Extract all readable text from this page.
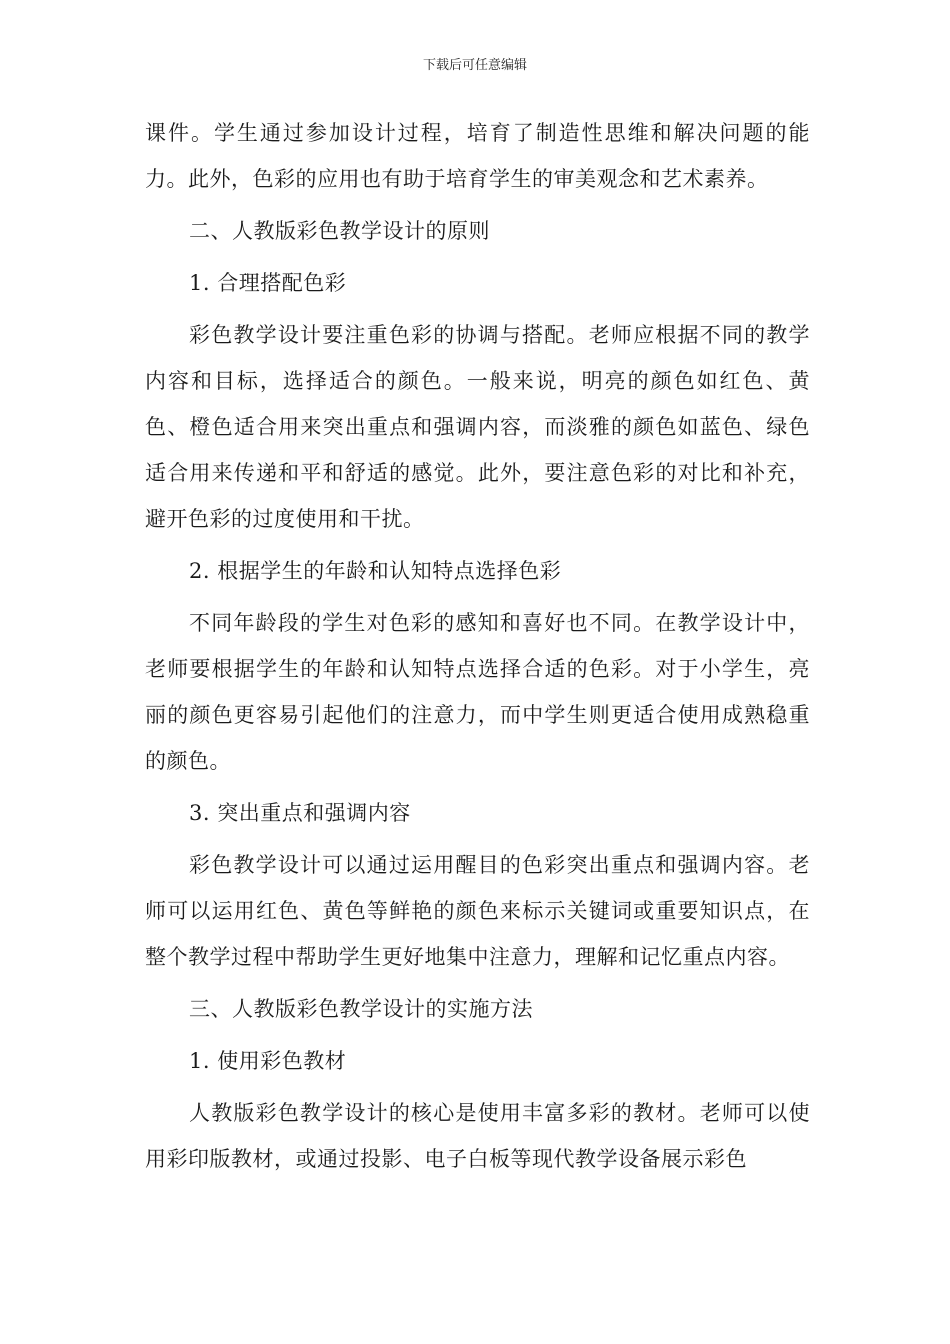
下载后可任意编辑

课件。学生通过参加设计过程，培育了制造性思维和解决问题的能力。此外，色彩的应用也有助于培育学生的审美观念和艺术素养。

二、人教版彩色教学设计的原则

1. 合理搭配色彩

彩色教学设计要注重色彩的协调与搭配。老师应根据不同的教学内容和目标，选择适合的颜色。一般来说，明亮的颜色如红色、黄色、橙色适合用来突出重点和强调内容，而淡雅的颜色如蓝色、绿色适合用来传递和平和舒适的感觉。此外，要注意色彩的对比和补充，避开色彩的过度使用和干扰。

2. 根据学生的年龄和认知特点选择色彩

不同年龄段的学生对色彩的感知和喜好也不同。在教学设计中，老师要根据学生的年龄和认知特点选择合适的色彩。对于小学生，亮丽的颜色更容易引起他们的注意力，而中学生则更适合使用成熟稳重的颜色。

3. 突出重点和强调内容

彩色教学设计可以通过运用醒目的色彩突出重点和强调内容。老师可以运用红色、黄色等鲜艳的颜色来标示关键词或重要知识点，在整个教学过程中帮助学生更好地集中注意力，理解和记忆重点内容。

三、人教版彩色教学设计的实施方法

1. 使用彩色教材

人教版彩色教学设计的核心是使用丰富多彩的教材。老师可以使用彩印版教材，或通过投影、电子白板等现代教学设备展示彩色
